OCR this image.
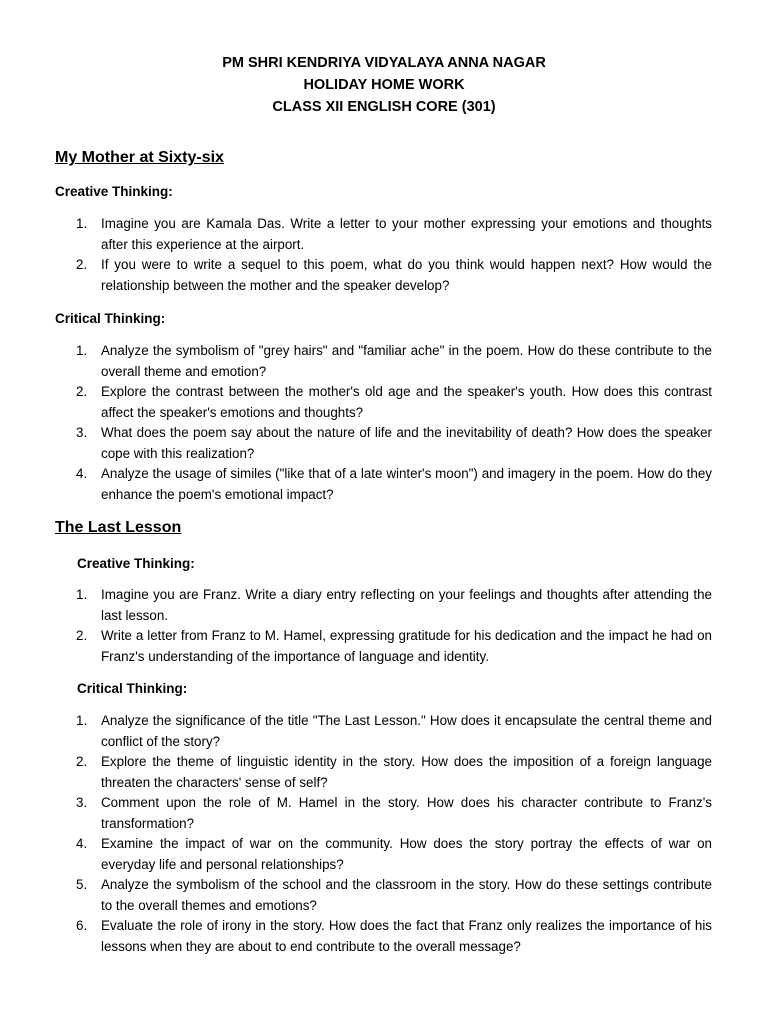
PM SHRI KENDRIYA VIDYALAYA ANNA NAGAR
HOLIDAY HOME WORK
CLASS XII ENGLISH CORE (301)
My Mother at Sixty-six
Creative Thinking:
1. Imagine you are Kamala Das. Write a letter to your mother expressing your emotions and thoughts after this experience at the airport.
2. If you were to write a sequel to this poem, what do you think would happen next? How would the relationship between the mother and the speaker develop?
Critical Thinking:
1. Analyze the symbolism of "grey hairs" and "familiar ache" in the poem. How do these contribute to the overall theme and emotion?
2. Explore the contrast between the mother's old age and the speaker's youth. How does this contrast affect the speaker's emotions and thoughts?
3. What does the poem say about the nature of life and the inevitability of death? How does the speaker cope with this realization?
4. Analyze the usage of similes ("like that of a late winter's moon") and imagery in the poem. How do they enhance the poem's emotional impact?
The Last Lesson
Creative Thinking:
1. Imagine you are Franz. Write a diary entry reflecting on your feelings and thoughts after attending the last lesson.
2. Write a letter from Franz to M. Hamel, expressing gratitude for his dedication and the impact he had on Franz's understanding of the importance of language and identity.
Critical Thinking:
1. Analyze the significance of the title "The Last Lesson." How does it encapsulate the central theme and conflict of the story?
2. Explore the theme of linguistic identity in the story. How does the imposition of a foreign language threaten the characters' sense of self?
3. Comment upon the role of M. Hamel in the story. How does his character contribute to Franz's transformation?
4. Examine the impact of war on the community. How does the story portray the effects of war on everyday life and personal relationships?
5. Analyze the symbolism of the school and the classroom in the story. How do these settings contribute to the overall themes and emotions?
6. Evaluate the role of irony in the story. How does the fact that Franz only realizes the importance of his lessons when they are about to end contribute to the overall message?
